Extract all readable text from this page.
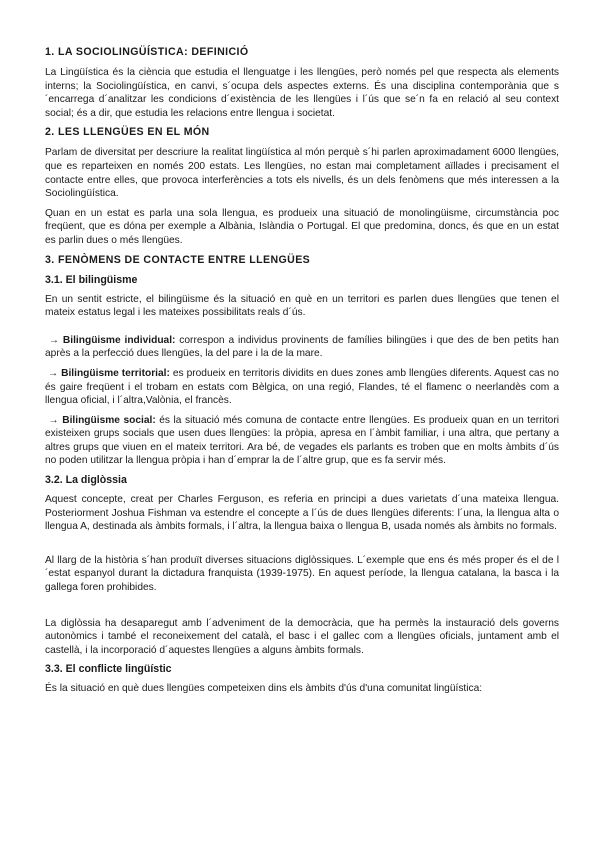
1. LA SOCIOLINGÜÍSTICA: DEFINICIÓ

La Lingüística és la ciència que estudia el llenguatge i les llengües, però només pel que respecta als elements interns; la Sociolingüística, en canvi, s´ocupa dels aspectes externs. És una disciplina contemporània que s´encarrega d´analitzar les condicions d´existència de les llengües i l´ús que se´n fa en relació al seu context social; és a dir, que estudia les relacions entre llengua i societat.

2. LES LLENGÜES EN EL MÓN

Parlam de diversitat per descriure la realitat lingüística al món perquè s´hi parlen aproximadament 6000 llengües, que es reparteixen en només 200 estats. Les llengües, no estan mai completament aïllades i precisament el contacte entre elles, que provoca interferències a tots els nivells, és un dels fenòmens que més interessen a la Sociolingüística.

Quan en un estat es parla una sola llengua, es produeix una situació de monolingüisme, circumstància poc freqüent, que es dóna per exemple a Albània, Islàndia o Portugal. El que predomina, doncs, és que en un estat es parlin dues o més llengües.

3. FENÒMENS DE CONTACTE ENTRE LLENGÜES
3.1. El bilingüisme

En un sentit estricte, el bilingüisme és la situació en què en un territori es parlen dues llengües que tenen el mateix estatus legal i les mateixes possibilitats reals d´ús.

→ Bilingüisme individual: correspon a individus provinents de famílies bilingües i que des de ben petits han après a la perfecció dues llengües, la del pare i la de la mare.

→ Bilingüisme territorial: es produeix en territoris dividits en dues zones amb llengües diferents. Aquest cas no és gaire freqüent i el trobam en estats com Bèlgica, on una regió, Flandes, té el flamenc o neerlandès com a llengua oficial, i l´altra,Valònia, el francès.

→ Bilingüisme social: és la situació més comuna de contacte entre llengües. Es produeix quan en un territori existeixen grups socials que usen dues llengües: la pròpia, apresa en l´àmbit familiar, i una altra, que pertany a altres grups que viuen en el mateix territori. Ara bé, de vegades els parlants es troben que en molts àmbits d´ús no poden utilitzar la llengua pròpia i han d´emprar la de l´altre grup, que es fa servir més.

3.2. La diglòssia

Aquest concepte, creat per Charles Ferguson, es referia en principi a dues varietats d´una mateixa llengua. Posteriorment Joshua Fishman va estendre el concepte a l´ús de dues llengües diferents: l´una, la llengua alta o llengua A, destinada als àmbits formals, i l´altra, la llengua baixa o llengua B, usada només als àmbits no formals.

Al llarg de la història s´han produït diverses situacions diglòssiques. L´exemple que ens és més proper és el de l´estat espanyol durant la dictadura franquista (1939-1975). En aquest període, la llengua catalana, la basca i la gallega foren prohibides.

La diglòssia ha desaparegut amb l´adveniment de la democràcia, que ha permès la instauració dels governs autonòmics i també el reconeixement del català, el basc i el gallec com a llengües oficials, juntament amb el castellà, i la incorporació d´aquestes llengües a alguns àmbits formals.

3.3. El conflicte lingüístic

És la situació en què dues llengües competeixen dins els àmbits d'ús d'una comunitat lingüística:
